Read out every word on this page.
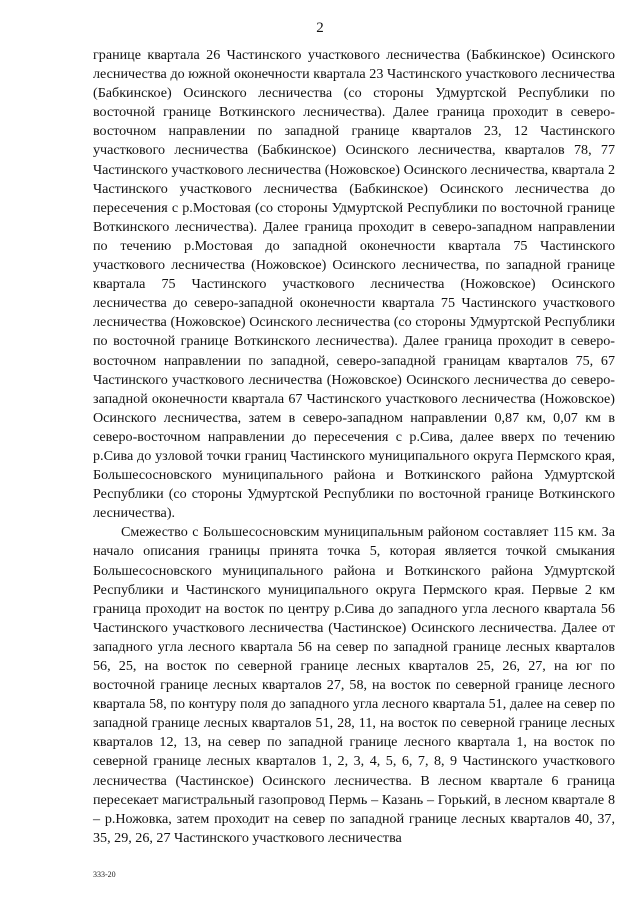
2

границе квартала 26 Частинского участкового лесничества (Бабкинское) Осинского лесничества до южной оконечности квартала 23 Частинского участкового лесничества (Бабкинское) Осинского лесничества (со стороны Удмуртской Республики по восточной границе Воткинского лесничества). Далее граница проходит в северо-восточном направлении по западной границе кварталов 23, 12 Частинского участкового лесничества (Бабкинское) Осинского лесничества, кварталов 78, 77 Частинского участкового лесничества (Ножовское) Осинского лесничества, квартала 2 Частинского участкового лесничества (Бабкинское) Осинского лесничества до пересечения с р.Мостовая (со стороны Удмуртской Республики по восточной границе Воткинского лесничества). Далее граница проходит в северо-западном направлении по течению р.Мостовая до западной оконечности квартала 75 Частинского участкового лесничества (Ножовское) Осинского лесничества, по западной границе квартала 75 Частинского участкового лесничества (Ножовское) Осинского лесничества до северо-западной оконечности квартала 75 Частинского участкового лесничества (Ножовское) Осинского лесничества (со стороны Удмуртской Республики по восточной границе Воткинского лесничества). Далее граница проходит в северо-восточном направлении по западной, северо-западной границам кварталов 75, 67 Частинского участкового лесничества (Ножовское) Осинского лесничества до северо-западной оконечности квартала 67 Частинского участкового лесничества (Ножовское) Осинского лесничества, затем в северо-западном направлении 0,87 км, 0,07 км в северо-восточном направлении до пересечения с р.Сива, далее вверх по течению р.Сива до узловой точки границ Частинского муниципального округа Пермского края, Большесосновского муниципального района и Воткинского района Удмуртской Республики (со стороны Удмуртской Республики по восточной границе Воткинского лесничества).

Смежество с Большесосновским муниципальным районом составляет 115 км. За начало описания границы принята точка 5, которая является точкой смыкания Большесосновского муниципального района и Воткинского района Удмуртской Республики и Частинского муниципального округа Пермского края. Первые 2 км граница проходит на восток по центру р.Сива до западного угла лесного квартала 56 Частинского участкового лесничества (Частинское) Осинского лесничества. Далее от западного угла лесного квартала 56 на север по западной границе лесных кварталов 56, 25, на восток по северной границе лесных кварталов 25, 26, 27, на юг по восточной границе лесных кварталов 27, 58, на восток по северной границе лесного квартала 58, по контуру поля до западного угла лесного квартала 51, далее на север по западной границе лесных кварталов 51, 28, 11, на восток по северной границе лесных кварталов 12, 13, на север по западной границе лесного квартала 1, на восток по северной границе лесных кварталов 1, 2, 3, 4, 5, 6, 7, 8, 9 Частинского участкового лесничества (Частинское) Осинского лесничества. В лесном квартале 6 граница пересекает магистральный газопровод Пермь – Казань – Горький, в лесном квартале 8 – р.Ножовка, затем проходит на север по западной границе лесных кварталов 40, 37, 35, 29, 26, 27 Частинского участкового лесничества

333-20
